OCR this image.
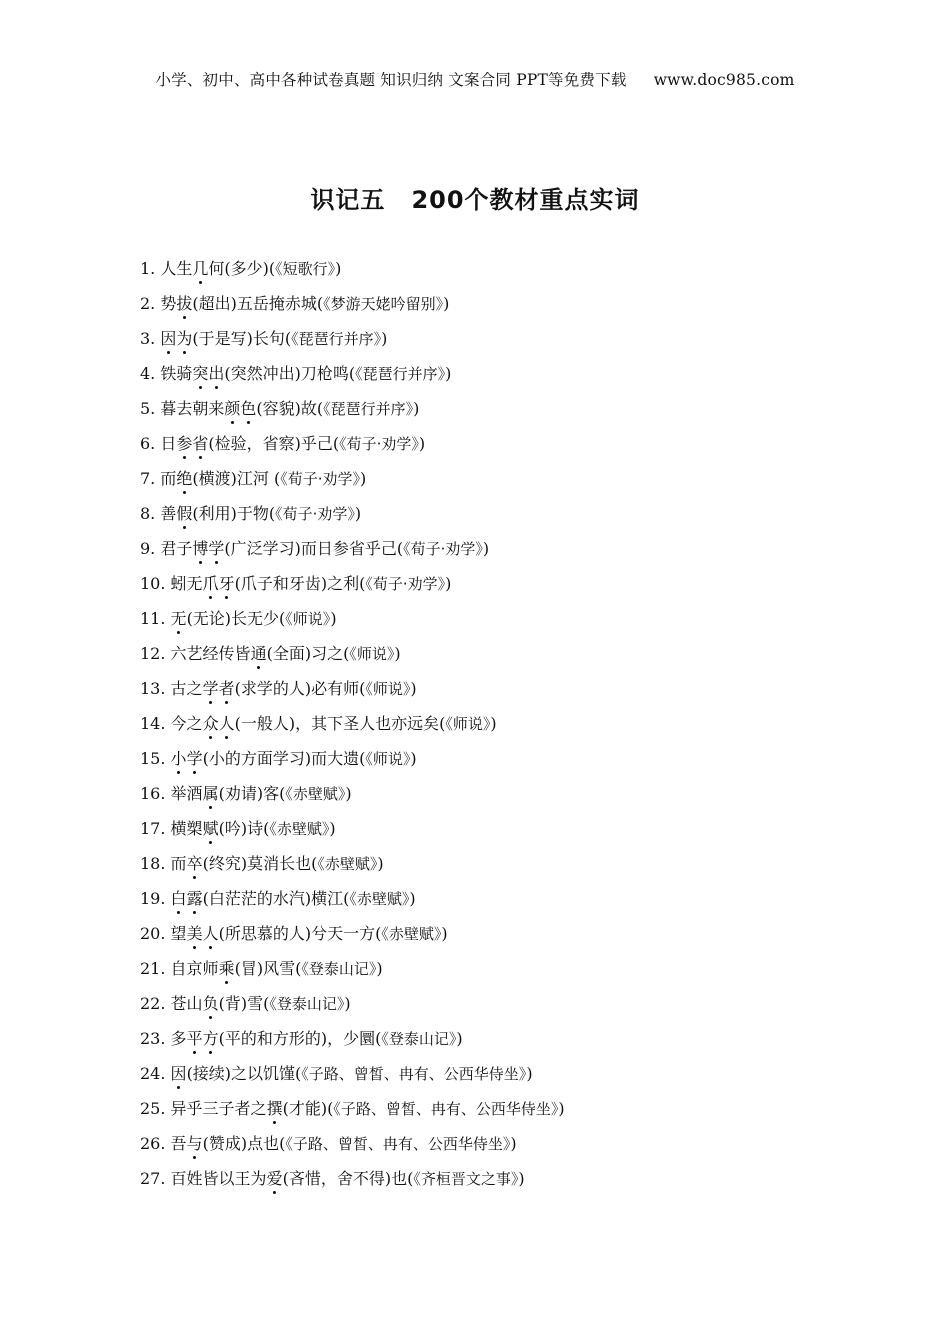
小学、初中、高中各种试卷真题 知识归纳 文案合同 PPT等免费下载 www.doc985.com
识记五 200个教材重点实词
1. 人生几何(多少)(《短歌行》)
2. 势拔(超出)五岳掩赤城(《梦游天姥吟留别》)
3. 因为(于是写)长句(《琵琶行并序》)
4. 铁骑突出(突然冲出)刀枪鸣(《琵琶行并序》)
5. 暮去朝来颜色(容貌)故(《琵琶行并序》)
6. 日参省(检验，省察)乎己(《荀子·劝学》)
7. 而绝(横渡)江河 (《荀子·劝学》)
8. 善假(利用)于物(《荀子·劝学》)
9. 君子博学(广泛学习)而日参省乎己(《荀子·劝学》)
10. 蚓无爪牙(爪子和牙齿)之利(《荀子·劝学》)
11. 无(无论)长无少(《师说》)
12. 六艺经传皆通(全面)习之(《师说》)
13. 古之学者(求学的人)必有师(《师说》)
14. 今之众人(一般人)，其下圣人也亦远矣(《师说》)
15. 小学(小的方面学习)而大遗(《师说》)
16. 举酒属(劝请)客(《赤壁赋》)
17. 横槊赋(吟)诗(《赤壁赋》)
18. 而卒(终究)莫消长也(《赤壁赋》)
19. 白露(白茫茫的水汽)横江(《赤壁赋》)
20. 望美人(所思慕的人)兮天一方(《赤壁赋》)
21. 自京师乘(冒)风雪(《登泰山记》)
22. 苍山负(背)雪(《登泰山记》)
23. 多平方(平的和方形的)，少圜(《登泰山记》)
24. 因(接续)之以饥馑(《子路、曾皙、冉有、公西华侍坐》)
25. 异乎三子者之撰(才能)(《子路、曾皙、冉有、公西华侍坐》)
26. 吾与(赞成)点也(《子路、曾皙、冉有、公西华侍坐》)
27. 百姓皆以王为爱(吝惜，舍不得)也(《齐桓晋文之事》)
